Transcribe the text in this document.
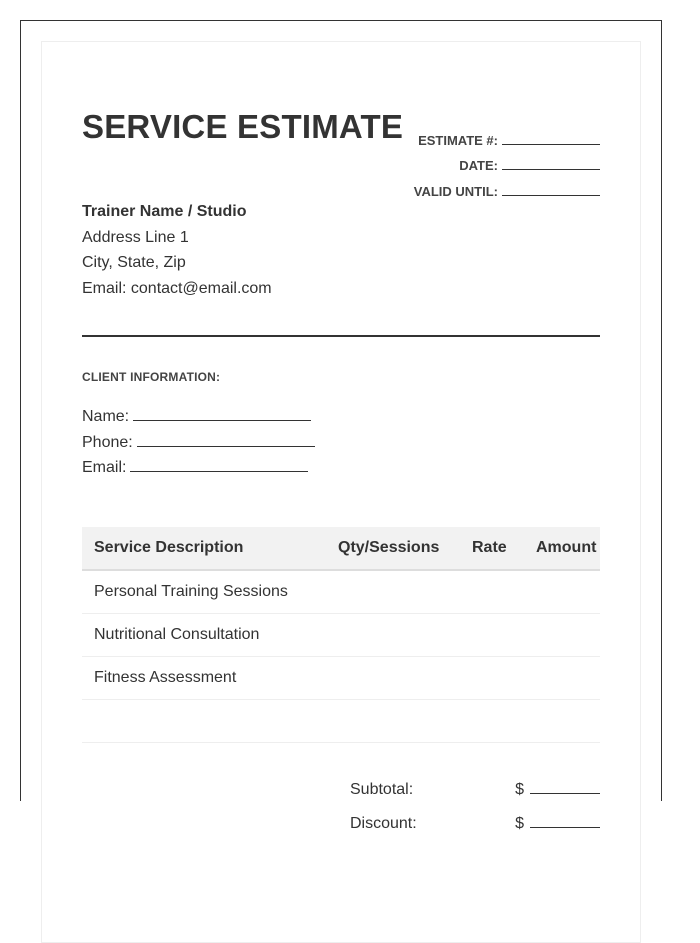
SERVICE ESTIMATE ESTIMATE #:
DATE:
VALID UNTIL:
Trainer Name / Studio
Address Line 1
City, State, Zip
Email: contact@email.com
CLIENT INFORMATION:
Name:
Phone:
Email:
Service Description	Qty/Sessions	Rate	Amount
Personal Training Sessions			
Nutritional Consultation			
Fitness Assessment			

Subtotal:	$
Discount:	$
